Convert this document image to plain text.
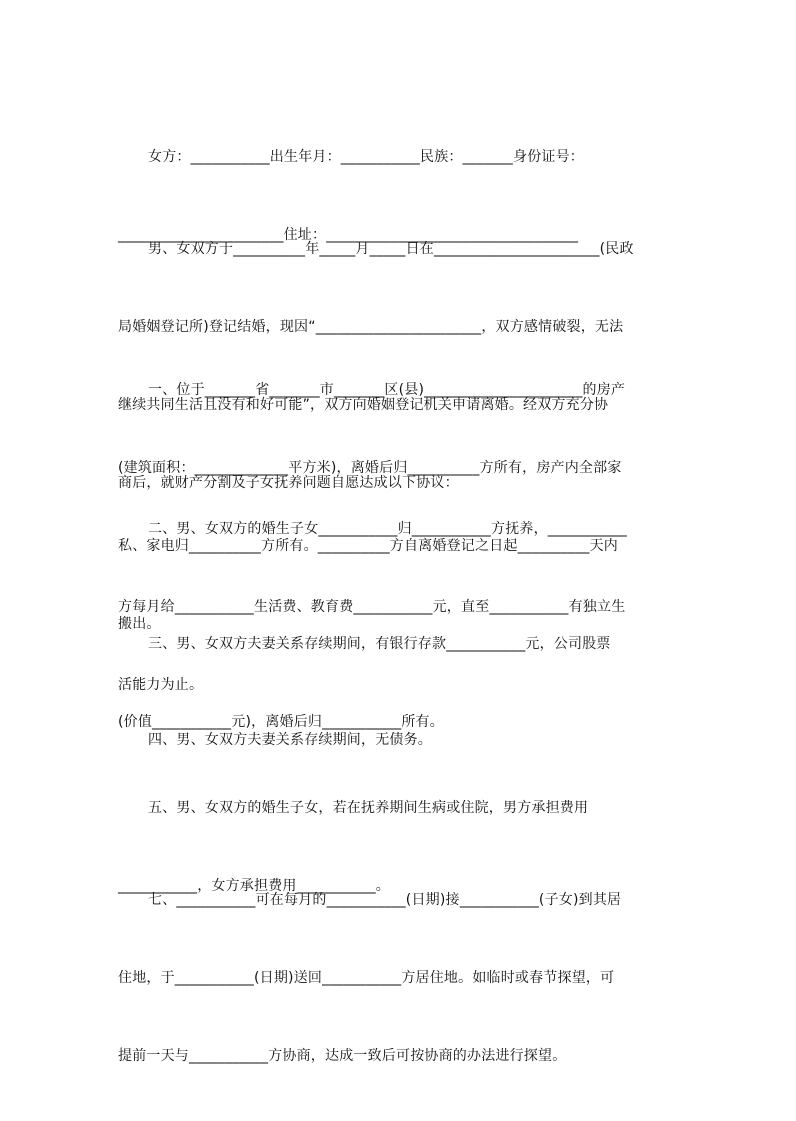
女方：___________出生年月：___________民族：_______身份证号：

_______________________住址：___________________________________

男、女双方于__________年_____月_____日在_______________________(民政

局婚姻登记所)登记结婚，现因“_______________________，双方感情破裂，无法

继续共同生活且没有和好可能”，双方向婚姻登记机关申请离婚。经双方充分协

商后，就财产分割及子女抚养问题自愿达成以下协议：

一、位于_______省_______市_______区(县)______________________的房产

(建筑面积：_____________平方米)，离婚后归__________方所有，房产内全部家

私、家电归__________方所有。__________方自离婚登记之日起__________天内

搬出。

二、男、女双方的婚生子女___________归___________方抚养，___________

方每月给___________生活费、教育费___________元，直至___________有独立生

活能力为止。

三、男、女双方夫妻关系存续期间，有银行存款___________元，公司股票

(价值___________元)，离婚后归___________所有。

四、男、女双方夫妻关系存续期间，无债务。

五、男、女双方的婚生子女，若在抚养期间生病或住院，男方承担费用

___________，女方承担费用___________。

七、___________可在每月的___________(日期)接___________(子女)到其居

住地，于___________(日期)送回___________方居住地。如临时或春节探望，可

提前一天与___________方协商，达成一致后可按协商的办法进行探望。
